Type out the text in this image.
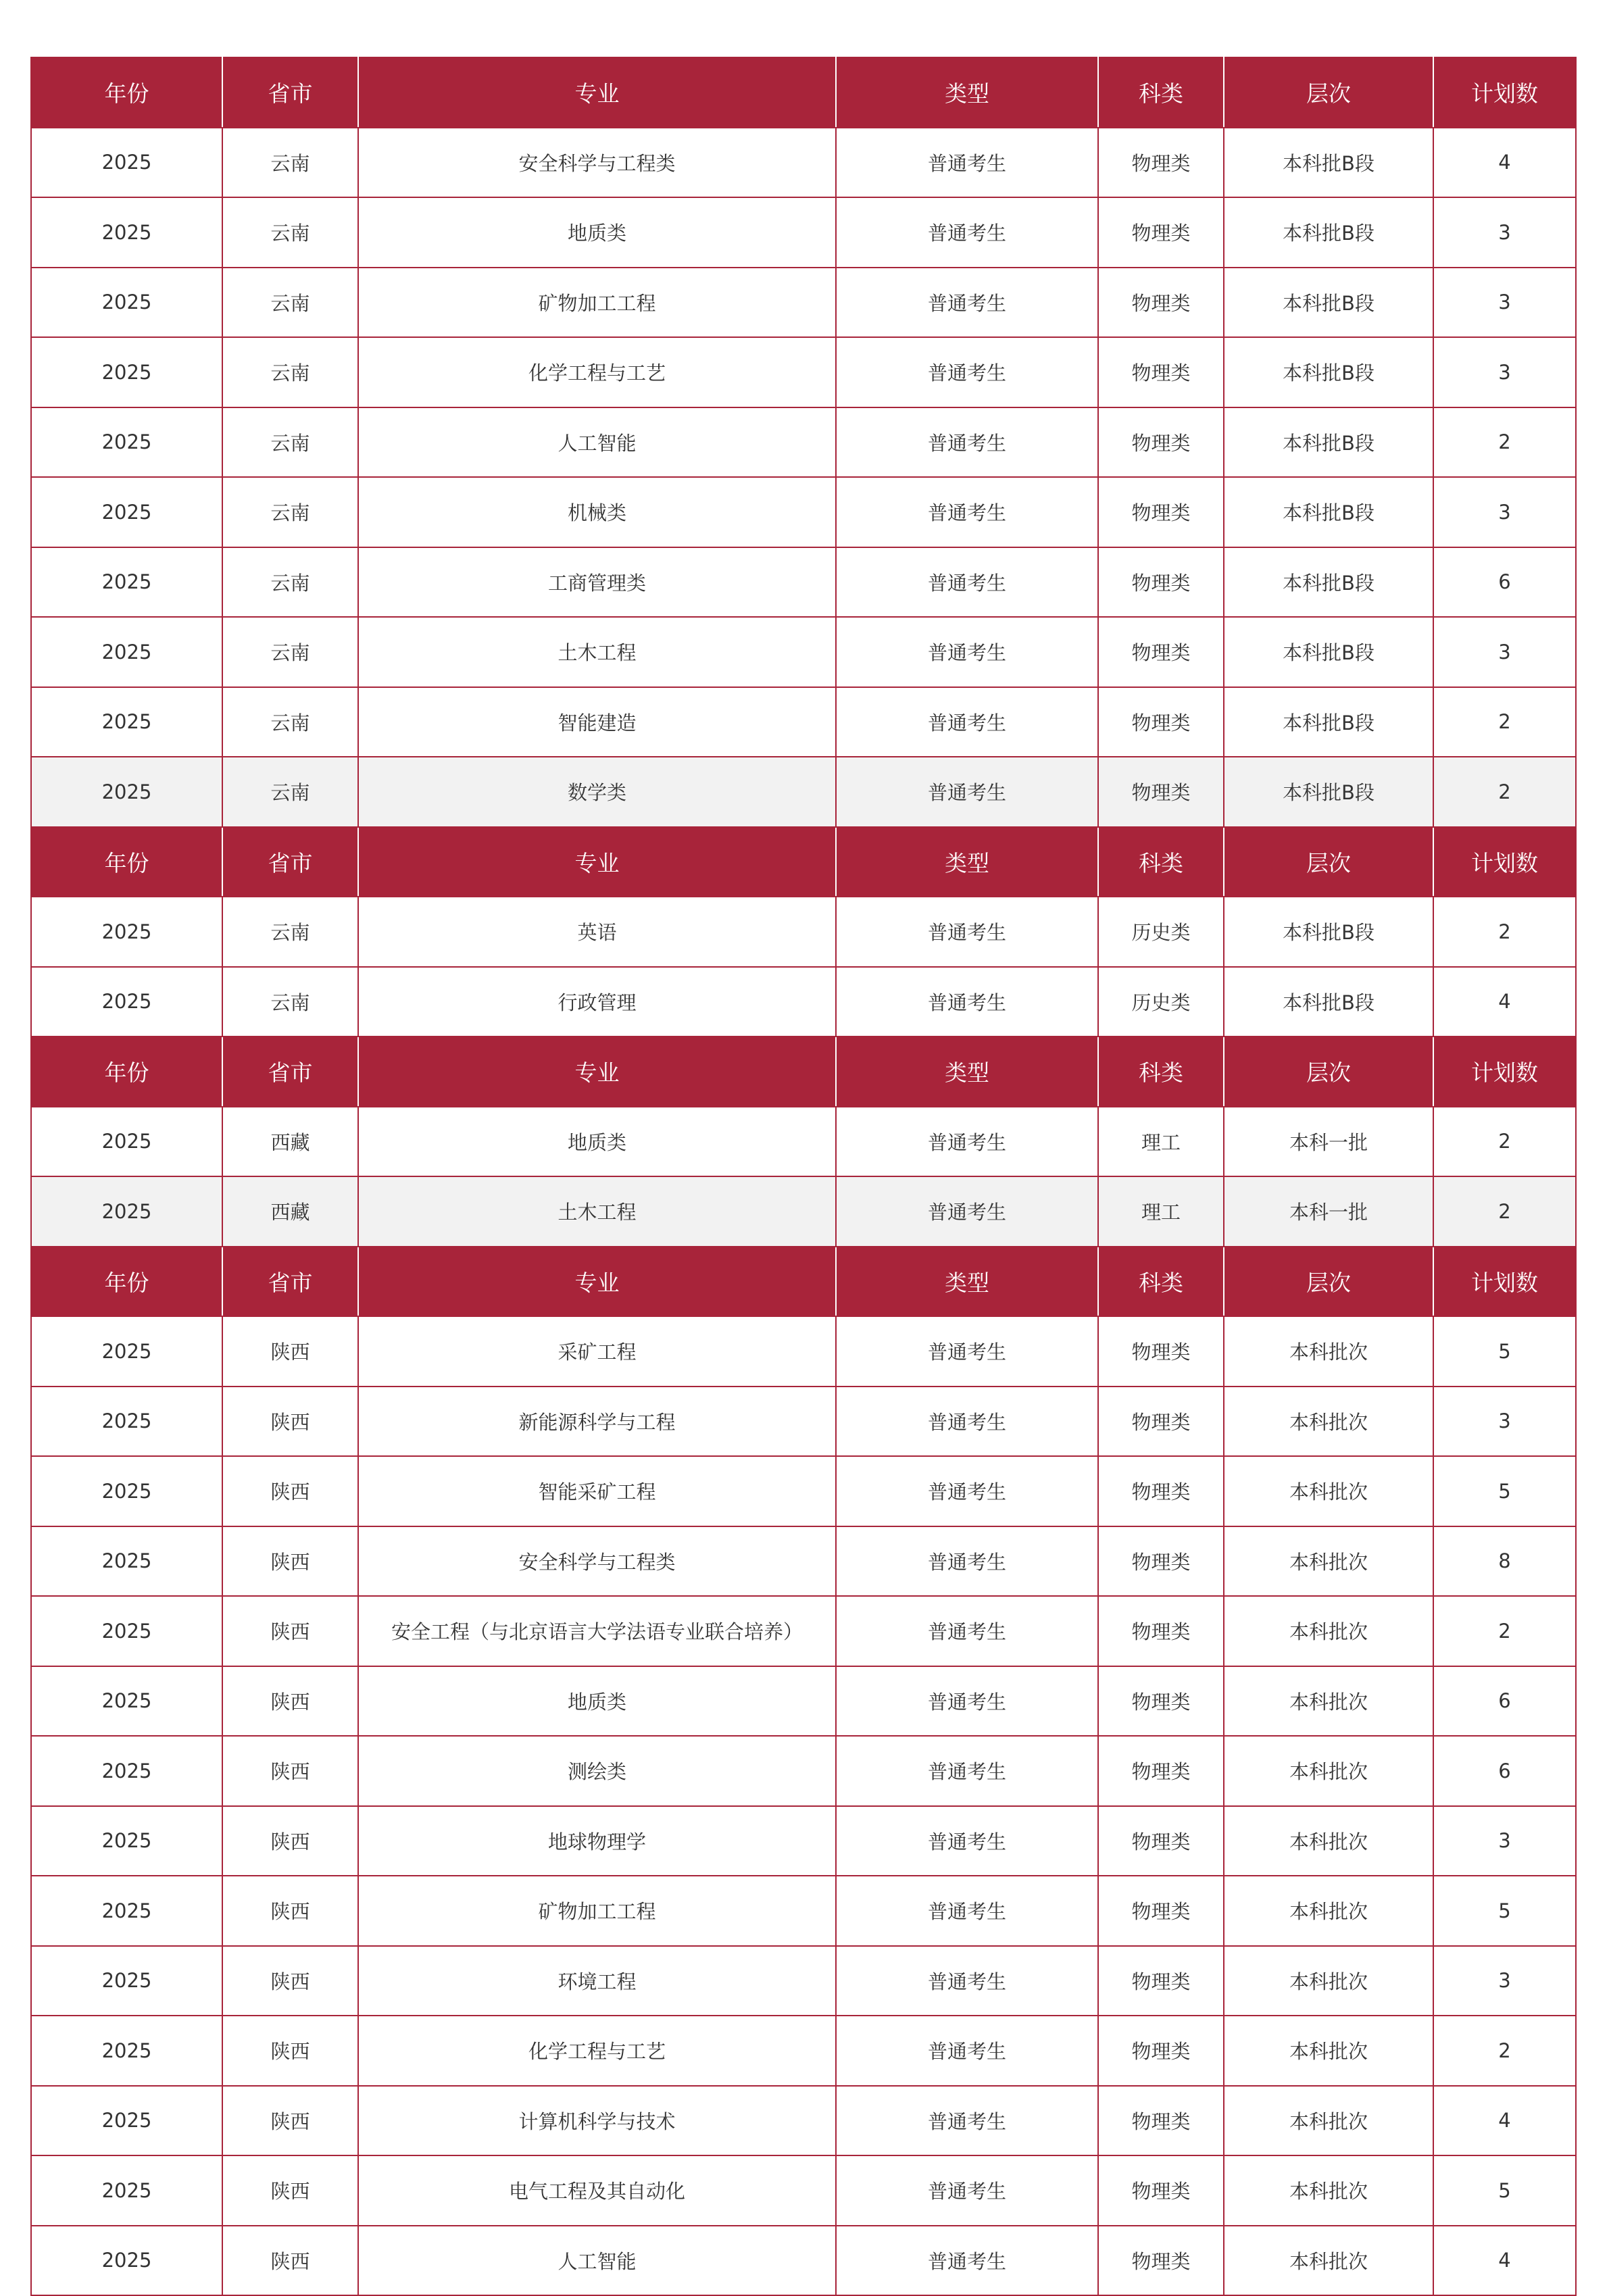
年份	省市	专业	类型	科类	层次	计划数
2025	云南	安全科学与工程类	普通考生	物理类	本科批B段	4
2025	云南	地质类	普通考生	物理类	本科批B段	3
2025	云南	矿物加工工程	普通考生	物理类	本科批B段	3
2025	云南	化学工程与工艺	普通考生	物理类	本科批B段	3
2025	云南	人工智能	普通考生	物理类	本科批B段	2
2025	云南	机械类	普通考生	物理类	本科批B段	3
2025	云南	工商管理类	普通考生	物理类	本科批B段	6
2025	云南	土木工程	普通考生	物理类	本科批B段	3
2025	云南	智能建造	普通考生	物理类	本科批B段	2
2025	云南	数学类	普通考生	物理类	本科批B段	2
年份	省市	专业	类型	科类	层次	计划数
2025	云南	英语	普通考生	历史类	本科批B段	2
2025	云南	行政管理	普通考生	历史类	本科批B段	4
年份	省市	专业	类型	科类	层次	计划数
2025	西藏	地质类	普通考生	理工	本科一批	2
2025	西藏	土木工程	普通考生	理工	本科一批	2
年份	省市	专业	类型	科类	层次	计划数
2025	陕西	采矿工程	普通考生	物理类	本科批次	5
2025	陕西	新能源科学与工程	普通考生	物理类	本科批次	3
2025	陕西	智能采矿工程	普通考生	物理类	本科批次	5
2025	陕西	安全科学与工程类	普通考生	物理类	本科批次	8
2025	陕西	安全工程（与北京语言大学法语专业联合培养）	普通考生	物理类	本科批次	2
2025	陕西	地质类	普通考生	物理类	本科批次	6
2025	陕西	测绘类	普通考生	物理类	本科批次	6
2025	陕西	地球物理学	普通考生	物理类	本科批次	3
2025	陕西	矿物加工工程	普通考生	物理类	本科批次	5
2025	陕西	环境工程	普通考生	物理类	本科批次	3
2025	陕西	化学工程与工艺	普通考生	物理类	本科批次	2
2025	陕西	计算机科学与技术	普通考生	物理类	本科批次	4
2025	陕西	电气工程及其自动化	普通考生	物理类	本科批次	5
2025	陕西	人工智能	普通考生	物理类	本科批次	4
